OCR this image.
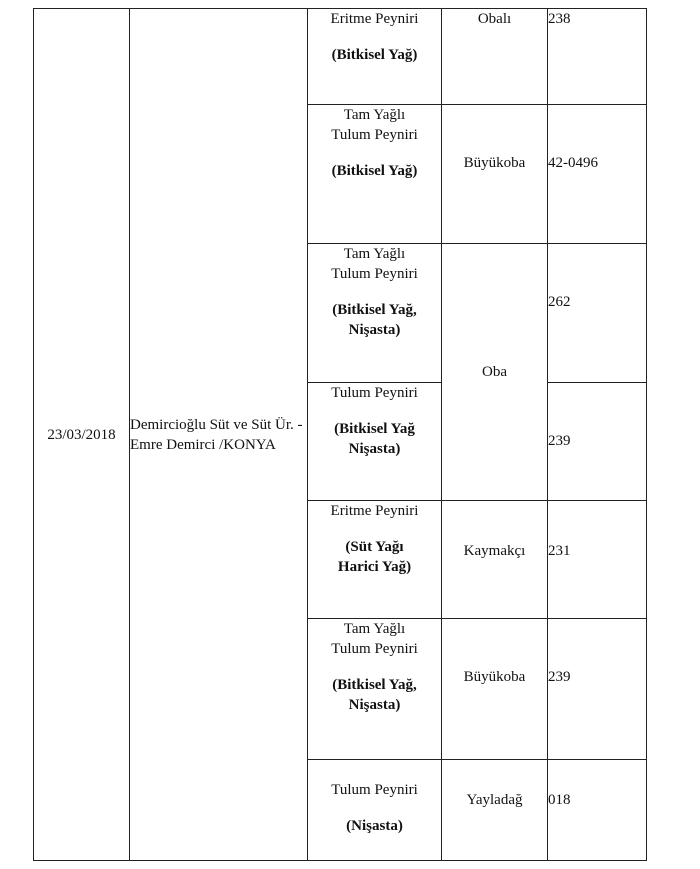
23/03/2018	Demircioğlu Süt ve Süt Ür. -Emre Demirci /KONYA	Eritme Peyniri
(Bitkisel Yağ)	Obalı	238
		Tam Yağlı
Tulum Peyniri
(Bitkisel Yağ)	Büyükoba	42-0496
		Tam Yağlı
Tulum Peyniri
(Bitkisel Yağ,
Nişasta)	Oba	262
		Tulum Peyniri
(Bitkisel Yağ
Nişasta)		239
		Eritme Peyniri
(Süt Yağı
Harici Yağ)	Kaymakçı	231
		Tam Yağlı
Tulum Peyniri
(Bitkisel Yağ,
Nişasta)	Büyükoba	239
		Tulum Peyniri
(Nişasta)	Yayladağ	018
